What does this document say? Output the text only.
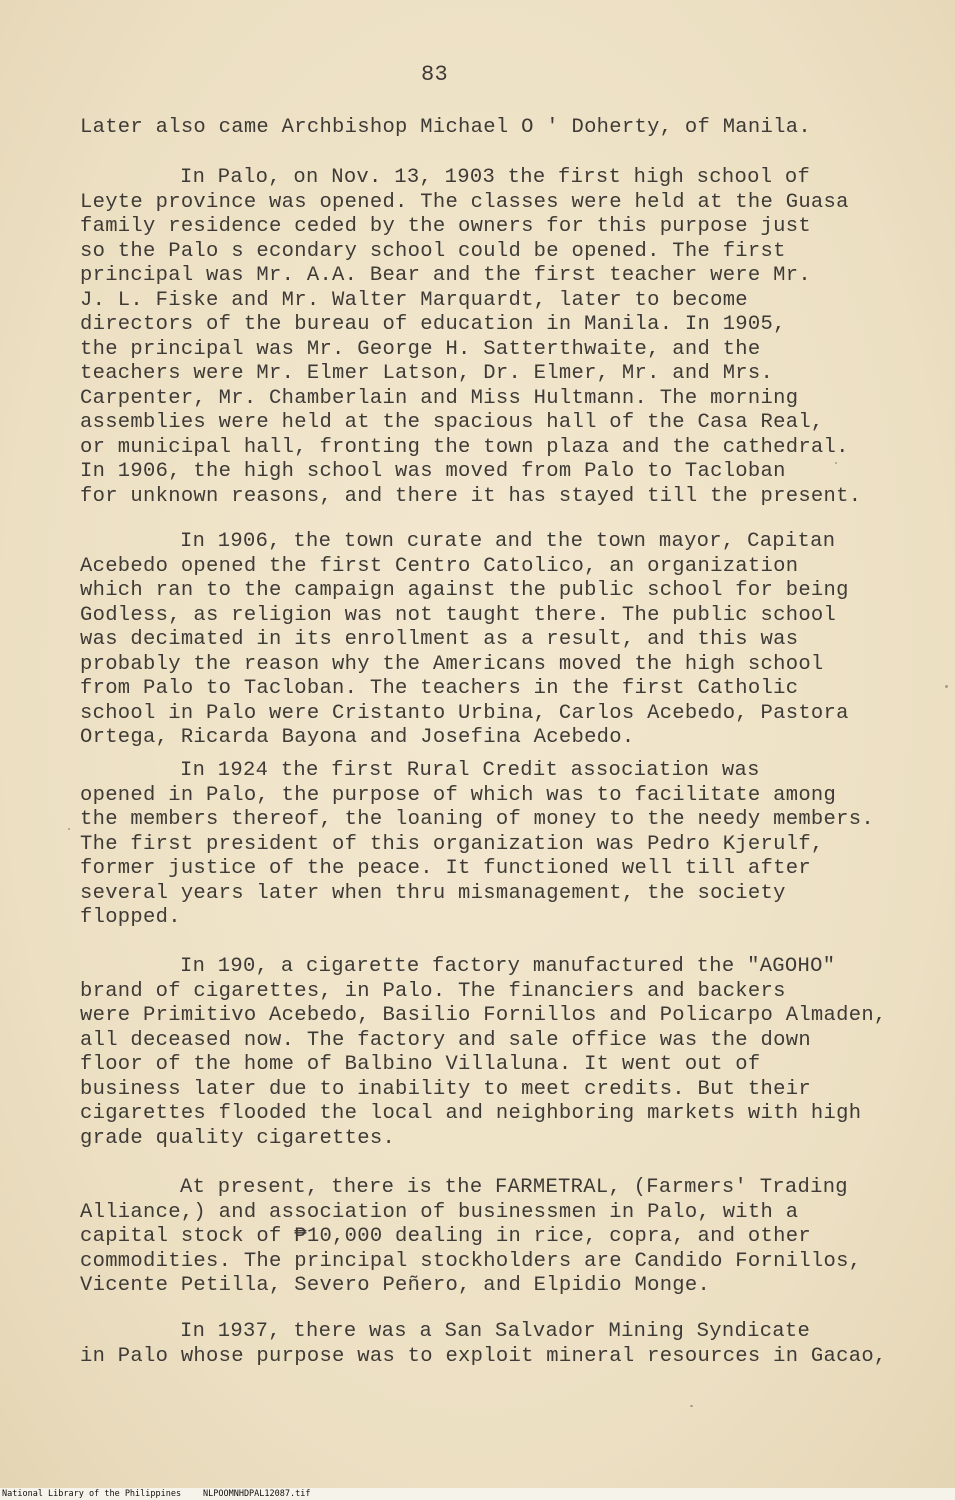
83
Later also came Archbishop Michael O ' Doherty, of Manila.
In Palo, on Nov. 13, 1903 the first high school of
Leyte province was opened. The classes were held at the Guasa
family residence ceded by the owners for this purpose just
so the Palo s econdary school could be opened. The first
principal was Mr. A.A. Bear and the first teacher were Mr.
J. L. Fiske and Mr. Walter Marquardt, later to become
directors of the bureau of education in Manila. In 1905,
the principal was Mr. George H. Satterthwaite, and the
teachers were Mr. Elmer Latson, Dr. Elmer, Mr. and Mrs.
Carpenter, Mr. Chamberlain and Miss Hultmann. The morning
assemblies were held at the spacious hall of the Casa Real,
or municipal hall, fronting the town plaza and the cathedral.
In 1906, the high school was moved from Palo to Tacloban
for unknown reasons, and there it has stayed till the present.
In 1906, the town curate and the town mayor, Capitan
Acebedo opened the first Centro Catolico, an organization
which ran to the campaign against the public school for being
Godless, as religion was not taught there. The public school
was decimated in its enrollment as a result, and this was
probably the reason why the Americans moved the high school
from Palo to Tacloban. The teachers in the first Catholic
school in Palo were Cristanto Urbina, Carlos Acebedo, Pastora
Ortega, Ricarda Bayona and Josefina Acebedo.
In 1924 the first Rural Credit association was
opened in Palo, the purpose of which was to facilitate among
the members thereof, the loaning of money to the needy members.
The first president of this organization was Pedro Kjerulf,
former justice of the peace. It functioned well till after
several years later when thru mismanagement, the society
flopped.
In 190, a cigarette factory manufactured the "AGOHO"
brand of cigarettes, in Palo. The financiers and backers
were Primitivo Acebedo, Basilio Fornillos and Policarpo Almaden,
all deceased now. The factory and sale office was the down
floor of the home of Balbino Villaluna. It went out of
business later due to inability to meet credits. But their
cigarettes flooded the local and neighboring markets with high
grade quality cigarettes.
At present, there is the FARMETRAL, (Farmers' Trading
Alliance,) and association of businessmen in Palo, with a
capital stock of ₱10,000 dealing in rice, copra, and other
commodities. The principal stockholders are Candido Fornillos,
Vicente Petilla, Severo Peñero, and Elpidio Monge.
In 1937, there was a San Salvador Mining Syndicate
in Palo whose purpose was to exploit mineral resources in Gacao,
National Library of the Philippines	NLPOOMNHDPAL12087.tif
